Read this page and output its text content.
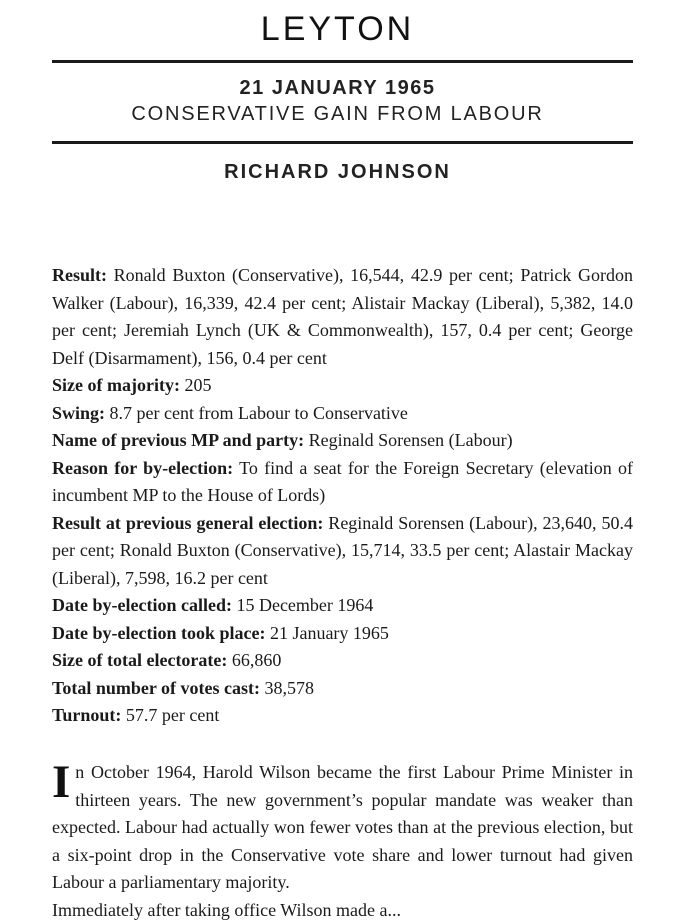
LEYTON
21 JANUARY 1965
CONSERVATIVE GAIN FROM LABOUR
RICHARD JOHNSON

Result: Ronald Buxton (Conservative), 16,544, 42.9 per cent; Patrick Gordon Walker (Labour), 16,339, 42.4 per cent; Alistair Mackay (Liberal), 5,382, 14.0 per cent; Jeremiah Lynch (UK & Commonwealth), 157, 0.4 per cent; George Delf (Disarmament), 156, 0.4 per cent

Size of majority: 205

Swing: 8.7 per cent from Labour to Conservative

Name of previous MP and party: Reginald Sorensen (Labour)

Reason for by-election: To find a seat for the Foreign Secretary (elevation of incumbent MP to the House of Lords)

Result at previous general election: Reginald Sorensen (Labour), 23,640, 50.4 per cent; Ronald Buxton (Conservative), 15,714, 33.5 per cent; Alastair Mackay (Liberal), 7,598, 16.2 per cent

Date by-election called: 15 December 1964

Date by-election took place: 21 January 1965

Size of total electorate: 66,860

Total number of votes cast: 38,578

Turnout: 57.7 per cent

In October 1964, Harold Wilson became the first Labour Prime Minister in thirteen years. The new government’s popular mandate was weaker than expected. Labour had actually won fewer votes than at the previous election, but a six-point drop in the Conservative vote share and lower turnout had given Labour a parliamentary majority.

Immediately after taking office Wilson made a...
